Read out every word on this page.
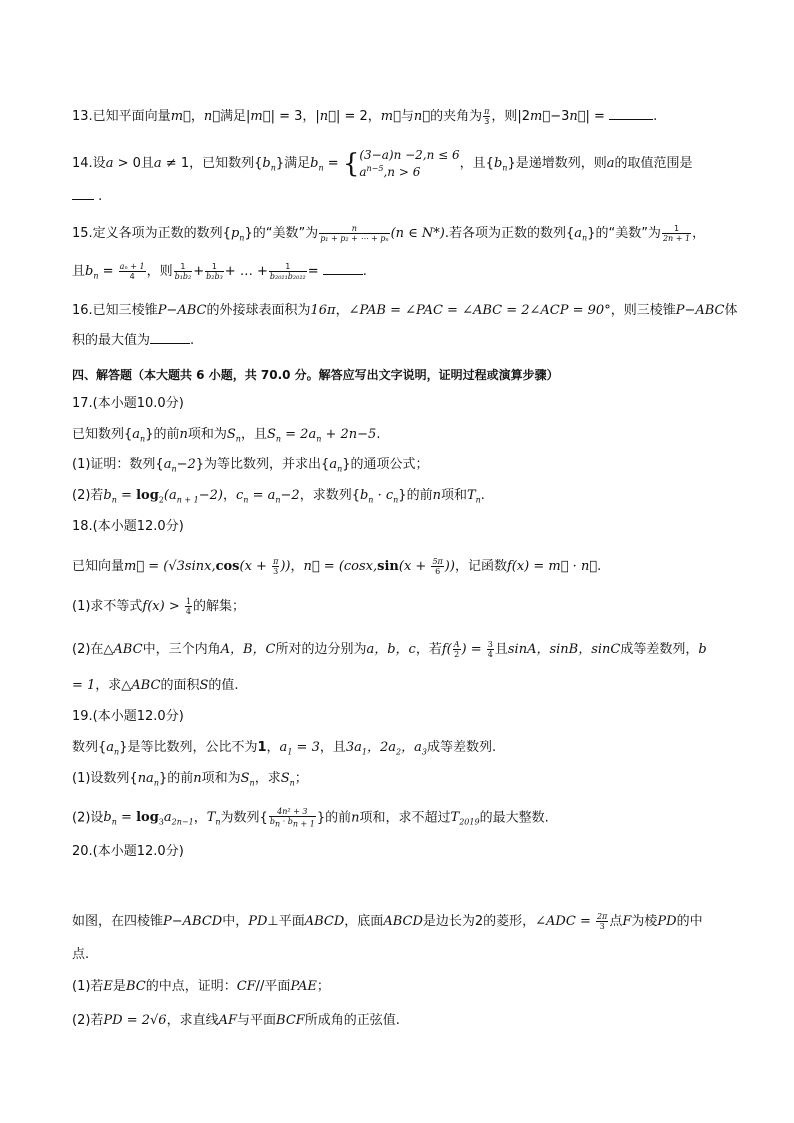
13.已知平面向量m⃗，n⃗满足|m⃗| = 3，|n⃗| = 2，m⃗与n⃗的夹角为 $\frac{\pi}{3}$ ，则|2m⃗−3n⃗| =	.
14.设a > 0且a ≠ 1，已知数列$\{b_n\}$满足$b_n$ = { (3−a)n −2,n ≤ 6
$a^{n-5},n > 6$
，且$\{b_n\}$是递增数列，则a的取值范围是
.
15.定义各项为正数的数列$\{p_n\}$的“美数”为 $\frac{n}{\text{p₁ + p₂ + ⋯ + pₙ}} (n$ ∈ N*).若各项为正数的数列$\{a_n\}$的“美数”为 $\frac{1}{2n + 1}$ ，
且$b_n = \frac{\text{aₙ + 1}}{4}$ ，则 $\frac{1}{\text{b₁b₂}} + \frac{1}{\text{b₂b₃}}$ + … + $\frac{1}{\text{b₂₀₂₁b₂₀₂₂}}$ =	.
16.已知三棱锥P−ABC的外接球表面积为16π，∠PAB = ∠PAC = ∠ABC = 2∠ACP = 90°，则三棱锥P−ABC体
积的最大值为	.
四、解答题（本大题共 6 小题，共 70.0 分。解答应写出文字说明，证明过程或演算步骤）
17.(本小题10.0分)
已知数列$\{a_n\}$的前n项和为$S_n$，且$S_n = 2a_n + 2n-5$.
(1)证明：数列$\{a_n-2\}$为等比数列，并求出$\{a_n\}$的通项公式；
(2)若$b_n = \log_2(a_{n + 1}-2)$，$c_n = a_n-2$，求数列$\{b_n \cdot c_n\}$的前n项和$T_n$.
18.(本小题12.0分)
已知向量m⃗ = ($√3\sin x,\cos(x + \frac{\pi}{3}$ ))，n⃗ = ($\cos x,\sin(x + \frac{5\pi}{6}$ ))，记函数f(x) = m⃗ · n⃗.
(1)求不等式$f(x) > \frac{1}{4}$ 的解集；
(2)在△ABC中，三个内角A，B，C所对的边分别为a，b，c，若$f( \frac{A}{2}$ ) = $\frac{3}{4}$ 且sinA，sinB，sinC成等差数列，b
= 1，求△ABC的面积S的值.
19.(本小题12.0分)
数列$\{a_n\}$是等比数列，公比不为1，$a_1 = 3$，且$3a_1$，$2a_2$，$a_3$成等差数列.
(1)设数列$\{na_n\}$的前n项和为$S_n$，求$S_n$；
(2)设$b_n = \log_3a_{2n-1}$，$T_n$为数列{ $\frac{\text{4n² + 3}}{b_n \cdot b_{n + 1}}$ }的前n项和，求不超过$T_{2019}$的最大整数.
20.(本小题12.0分)
如图，在四棱锥P−ABCD中，PD⊥平面ABCD，底面ABCD是边长为2的菱形，∠ADC = $\frac{2\pi}{3}$ 点F为棱PD的中
点.
(1)若E是BC的中点，证明：CF//平面PAE；
(2)若PD = 2√6，求直线AF与平面BCF所成角的正弦值.
